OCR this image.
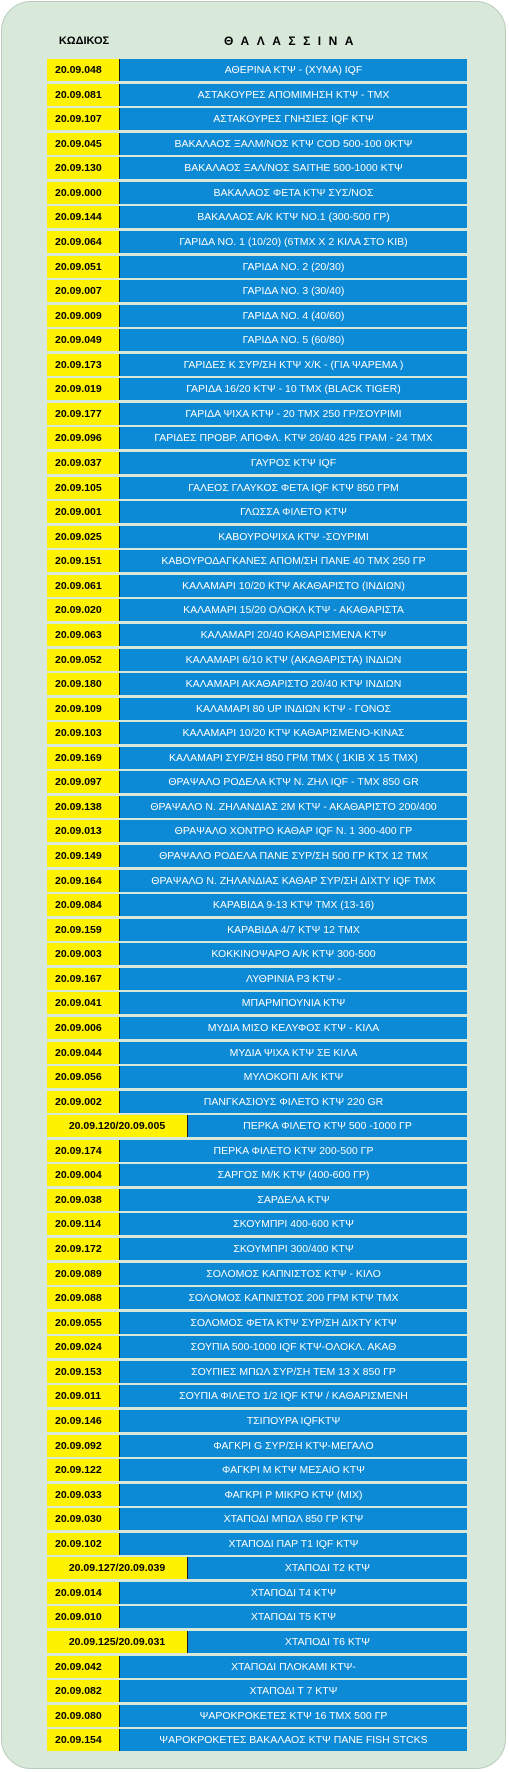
ΚΩΔΙΚΟΣ	ΘΑΛΑΣΣΙΝΑ
20.09.048	ΑΘΕΡΙΝΑ ΚΤΨ - (ΧΥΜΑ) IQF
20.09.081	ΑΣΤΑΚΟΥΡΕΣ ΑΠΟΜΙΜΗΣΗ ΚΤΨ - ΤΜΧ
20.09.107	ΑΣΤΑΚΟΥΡΕΣ ΓΝΗΣΙΕΣ IQF ΚΤΨ
20.09.045	ΒΑΚΑΛΑΟΣ ΞΑΛΜ/ΝΟΣ ΚΤΨ COD 500-100 0ΚΤΨ
20.09.130	ΒΑΚΑΛΑΟΣ ΞΑΛ/ΝΟΣ SAITHE 500-1000 ΚΤΨ
20.09.000	ΒΑΚΑΛΑΟΣ ΦΕΤΑ ΚΤΨ ΣΥΣ/ΝΟΣ
20.09.144	ΒΑΚΑΛΑΟΣ Α/Κ ΚΤΨ ΝΟ.1 (300-500 ΓΡ)
20.09.064	ΓΑΡΙΔΑ ΝΟ. 1 (10/20) (6ΤΜΧ Χ 2 ΚΙΛΑ ΣΤΟ ΚΙΒ)
20.09.051	ΓΑΡΙΔΑ ΝΟ. 2 (20/30)
20.09.007	ΓΑΡΙΔΑ ΝΟ. 3 (30/40)
20.09.009	ΓΑΡΙΔΑ ΝΟ. 4 (40/60)
20.09.049	ΓΑΡΙΔΑ ΝΟ. 5 (60/80)
20.09.173	ΓΑΡΙΔΕΣ Κ ΣΥΡ/ΣΗ ΚΤΨ Χ/Κ - (ΓΙΑ ΨΑΡΕΜΑ )
20.09.019	ΓΑΡΙΔΑ 16/20 ΚΤΨ - 10 ΤΜΧ (BLACK TIGER)
20.09.177	ΓΑΡΙΔΑ ΨΙΧΑ ΚΤΨ - 20 ΤΜΧ 250 ΓΡ/ΣΟΥΡΙΜΙ
20.09.096	ΓΑΡΙΔΕΣ ΠΡΟΒΡ. ΑΠΟΦΛ. ΚΤΨ 20/40 425 ΓΡΑΜ - 24 ΤΜΧ
20.09.037	ΓΑΥΡΟΣ ΚΤΨ IQF
20.09.105	ΓΑΛΕΟΣ ΓΛΑΥΚΟΣ ΦΕΤΑ IQF ΚΤΨ 850 ΓΡΜ
20.09.001	ΓΛΩΣΣΑ ΦΙΛΕΤΟ ΚΤΨ
20.09.025	ΚΑΒΟΥΡΟΨΙΧΑ ΚΤΨ -ΣΟΥΡΙΜΙ
20.09.151	ΚΑΒΟΥΡΟΔΑΓΚΑΝΕΣ ΑΠΟΜ/ΣΗ ΠΑΝΕ 40 ΤΜΧ 250 ΓΡ
20.09.061	ΚΑΛΑΜΑΡΙ 10/20 ΚΤΨ ΑΚΑΘΑΡΙΣΤΟ (ΙΝΔΙΩΝ)
20.09.020	ΚΑΛΑΜΑΡΙ 15/20 ΟΛΟΚΛ ΚΤΨ - ΑΚΑΘΑΡΙΣΤΑ
20.09.063	ΚΑΛΑΜΑΡΙ 20/40 ΚΑΘΑΡΙΣΜΕΝΑ ΚΤΨ
20.09.052	ΚΑΛΑΜΑΡΙ 6/10 ΚΤΨ (ΑΚΑΘΑΡΙΣΤΑ) ΙΝΔΙΩΝ
20.09.180	ΚΑΛΑΜΑΡΙ ΑΚΑΘΑΡΙΣΤΟ 20/40 ΚΤΨ ΙΝΔΙΩΝ
20.09.109	ΚΑΛΑΜΑΡΙ 80 UP ΙΝΔΙΩΝ ΚΤΨ - ΓΟΝΟΣ
20.09.103	ΚΑΛΑΜΑΡΙ 10/20 ΚΤΨ ΚΑΘΑΡΙΣΜΕΝΟ-ΚΙΝΑΣ
20.09.169	ΚΑΛΑΜΑΡΙ ΣΥΡ/ΣΗ 850 ΓΡΜ ΤΜΧ ( 1ΚΙΒ Χ 15 ΤΜΧ)
20.09.097	ΘΡΑΨΑΛΟ ΡΟΔΕΛΑ ΚΤΨ Ν. ΖΗΛ IQF - ΤΜΧ 850 GR
20.09.138	ΘΡΑΨΑΛΟ Ν. ΖΗΛΑΝΔΙΑΣ 2Μ ΚΤΨ - ΑΚΑΘΑΡΙΣΤΟ 200/400
20.09.013	ΘΡΑΨΑΛΟ ΧΟΝΤΡΟ ΚΑΘΑΡ IQF Ν. 1 300-400 ΓΡ
20.09.149	ΘΡΑΨΑΛΟ ΡΟΔΕΛΑ ΠΑΝΕ ΣΥΡ/ΣΗ 500 ΓΡ ΚΤΧ 12 ΤΜΧ
20.09.164	ΘΡΑΨΑΛΟ Ν. ΖΗΛΑΝΔΙΑΣ ΚΑΘΑΡ ΣΥΡ/ΣΗ ΔΙΧΤΥ IQF ΤΜΧ
20.09.084	ΚΑΡΑΒΙΔΑ 9-13 ΚΤΨ ΤΜΧ (13-16)
20.09.159	ΚΑΡΑΒΙΔΑ 4/7 ΚΤΨ 12 ΤΜΧ
20.09.003	ΚΟΚΚΙΝΟΨΑΡΟ Α/Κ ΚΤΨ 300-500
20.09.167	ΛΥΘΡΙΝΙΑ Ρ3 ΚΤΨ -
20.09.041	ΜΠΑΡΜΠΟΥΝΙΑ ΚΤΨ
20.09.006	ΜΥΔΙΑ ΜΙΣΟ ΚΕΛΥΦΟΣ ΚΤΨ - ΚΙΛΑ
20.09.044	ΜΥΔΙΑ ΨΙΧΑ ΚΤΨ ΣΕ ΚΙΛΑ
20.09.056	ΜΥΛΟΚΟΠΙ Α/Κ ΚΤΨ
20.09.002	ΠΑΝΓΚΑΣΙΟΥΣ ΦΙΛΕΤΟ ΚΤΨ 220 GR
20.09.120/20.09.005	ΠΕΡΚΑ ΦΙΛΕΤΟ ΚΤΨ 500 -1000 ΓΡ
20.09.174	ΠΕΡΚΑ ΦΙΛΕΤΟ ΚΤΨ 200-500 ΓΡ
20.09.004	ΣΑΡΓΟΣ Μ/Κ ΚΤΨ (400-600 ΓΡ)
20.09.038	ΣΑΡΔΕΛΑ ΚΤΨ
20.09.114	ΣΚΟΥΜΠΡΙ 400-600 ΚΤΨ
20.09.172	ΣΚΟΥΜΠΡΙ 300/400 ΚΤΨ
20.09.089	ΣΟΛΟΜΟΣ ΚΑΠΝΙΣΤΟΣ ΚΤΨ - ΚΙΛΟ
20.09.088	ΣΟΛΟΜΟΣ ΚΑΠΝΙΣΤΟΣ 200 ΓΡΜ ΚΤΨ ΤΜΧ
20.09.055	ΣΟΛΟΜΟΣ ΦΕΤΑ ΚΤΨ ΣΥΡ/ΣΗ ΔΙΧΤΥ ΚΤΨ
20.09.024	ΣΟΥΠΙΑ 500-1000 IQF ΚΤΨ-ΟΛΟΚΛ. ΑΚΑΘ
20.09.153	ΣΟΥΠΙΕΣ ΜΠΩΛ ΣΥΡ/ΣΗ ΤΕΜ 13 Χ 850 ΓΡ
20.09.011	ΣΟΥΠΙΑ ΦΙΛΕΤΟ 1/2 IQF ΚΤΨ / ΚΑΘΑΡΙΣΜΕΝΗ
20.09.146	ΤΣΙΠΟΥΡΑ IQFΚΤΨ
20.09.092	ΦΑΓΚΡΙ G ΣΥΡ/ΣΗ ΚΤΨ-ΜΕΓΑΛΟ
20.09.122	ΦΑΓΚΡΙ Μ ΚΤΨ ΜΕΣΑΙΟ ΚΤΨ
20.09.033	ΦΑΓΚΡΙ Ρ ΜΙΚΡΟ ΚΤΨ (ΜΙΧ)
20.09.030	ΧΤΑΠΟΔΙ ΜΠΩΛ 850 ΓΡ ΚΤΨ
20.09.102	ΧΤΑΠΟΔΙ ΠΑΡ Τ1 IQF ΚΤΨ
20.09.127/20.09.039	ΧΤΑΠΟΔΙ Τ2 ΚΤΨ
20.09.014	ΧΤΑΠΟΔΙ Τ4 ΚΤΨ
20.09.010	ΧΤΑΠΟΔΙ Τ5 ΚΤΨ
20.09.125/20.09.031	ΧΤΑΠΟΔΙ Τ6 ΚΤΨ
20.09.042	ΧΤΑΠΟΔΙ ΠΛΟΚΑΜΙ ΚΤΨ-
20.09.082	ΧΤΑΠΟΔΙ Τ 7 ΚΤΨ
20.09.080	ΨΑΡΟΚΡΟΚΕΤΕΣ ΚΤΨ 16 ΤΜΧ 500 ΓΡ
20.09.154	ΨΑΡΟΚΡΟΚΕΤΕΣ ΒΑΚΑΛΑΟΣ ΚΤΨ ΠΑΝΕ FISH STCKS
